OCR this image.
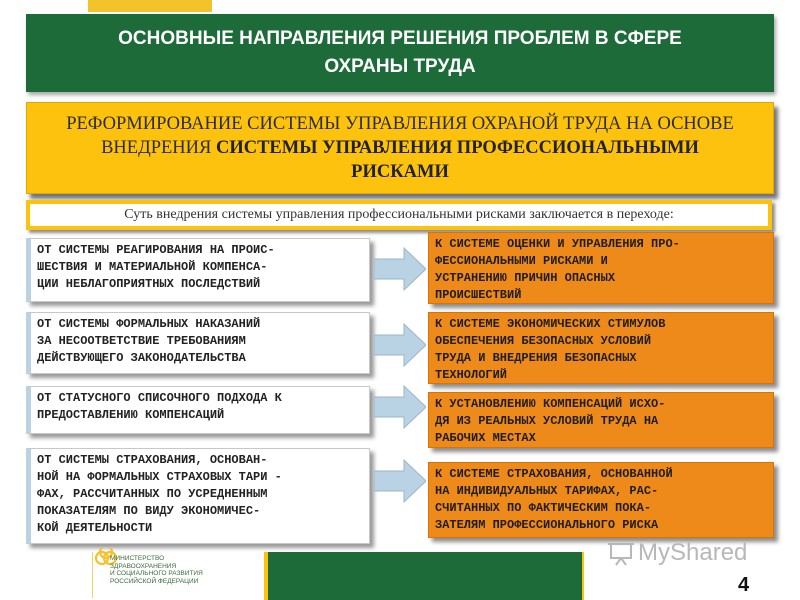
ОСНОВНЫЕ НАПРАВЛЕНИЯ РЕШЕНИЯ ПРОБЛЕМ В СФЕРЕ
ОХРАНЫ ТРУДА
РЕФОРМИРОВАНИЕ СИСТЕМЫ УПРАВЛЕНИЯ ОХРАНОЙ ТРУДА НА ОСНОВЕ
ВНЕДРЕНИЯ СИСТЕМЫ УПРАВЛЕНИЯ ПРОФЕССИОНАЛЬНЫМИ
РИСКАМИ
Суть внедрения системы управления профессиональными рисками заключается в переходе:
ОТ СИСТЕМЫ РЕАГИРОВАНИЯ НА ПРОИС-
ШЕСТВИЯ И МАТЕРИАЛЬНОЙ КОМПЕНСА-
ЦИИ НЕБЛАГОПРИЯТНЫХ ПОСЛЕДСТВИЙ
К СИСТЕМЕ ОЦЕНКИ И УПРАВЛЕНИЯ ПРО-
ФЕССИОНАЛЬНЫМИ РИСКАМИ И
УСТРАНЕНИЮ ПРИЧИН ОПАСНЫХ
ПРОИСШЕСТВИЙ
ОТ СИСТЕМЫ ФОРМАЛЬНЫХ НАКАЗАНИЙ
ЗА НЕСООТВЕТСТВИЕ ТРЕБОВАНИЯМ
ДЕЙСТВУЮЩЕГО ЗАКОНОДАТЕЛЬСТВА
К СИСТЕМЕ ЭКОНОМИЧЕСКИХ СТИМУЛОВ
ОБЕСПЕЧЕНИЯ БЕЗОПАСНЫХ УСЛОВИЙ
ТРУДА И ВНЕДРЕНИЯ БЕЗОПАСНЫХ
ТЕХНОЛОГИЙ
ОТ СТАТУСНОГО СПИСОЧНОГО ПОДХОДА К
ПРЕДОСТАВЛЕНИЮ КОМПЕНСАЦИЙ
К УСТАНОВЛЕНИЮ КОМПЕНСАЦИЙ ИСХО-
ДЯ ИЗ РЕАЛЬНЫХ УСЛОВИЙ ТРУДА НА
РАБОЧИХ МЕСТАХ
ОТ СИСТЕМЫ СТРАХОВАНИЯ, ОСНОВАН-
НОЙ НА ФОРМАЛЬНЫХ СТРАХОВЫХ ТАРИ -
ФАХ, РАССЧИТАННЫХ ПО УСРЕДНЕННЫМ
ПОКАЗАТЕЛЯМ ПО ВИДУ ЭКОНОМИЧЕС-
КОЙ ДЕЯТЕЛЬНОСТИ
К СИСТЕМЕ СТРАХОВАНИЯ, ОСНОВАННОЙ
НА ИНДИВИДУАЛЬНЫХ ТАРИФАХ, РАС-
СЧИТАННЫХ ПО ФАКТИЧЕСКИМ ПОКА-
ЗАТЕЛЯМ ПРОФЕССИОНАЛЬНОГО РИСКА
МИНИСТЕРСТВО
ЗДРАВООХРАНЕНИЯ
И СОЦИАЛЬНОГО РАЗВИТИЯ
РОССИЙСКОЙ ФЕДЕРАЦИИ
MyShared
4
